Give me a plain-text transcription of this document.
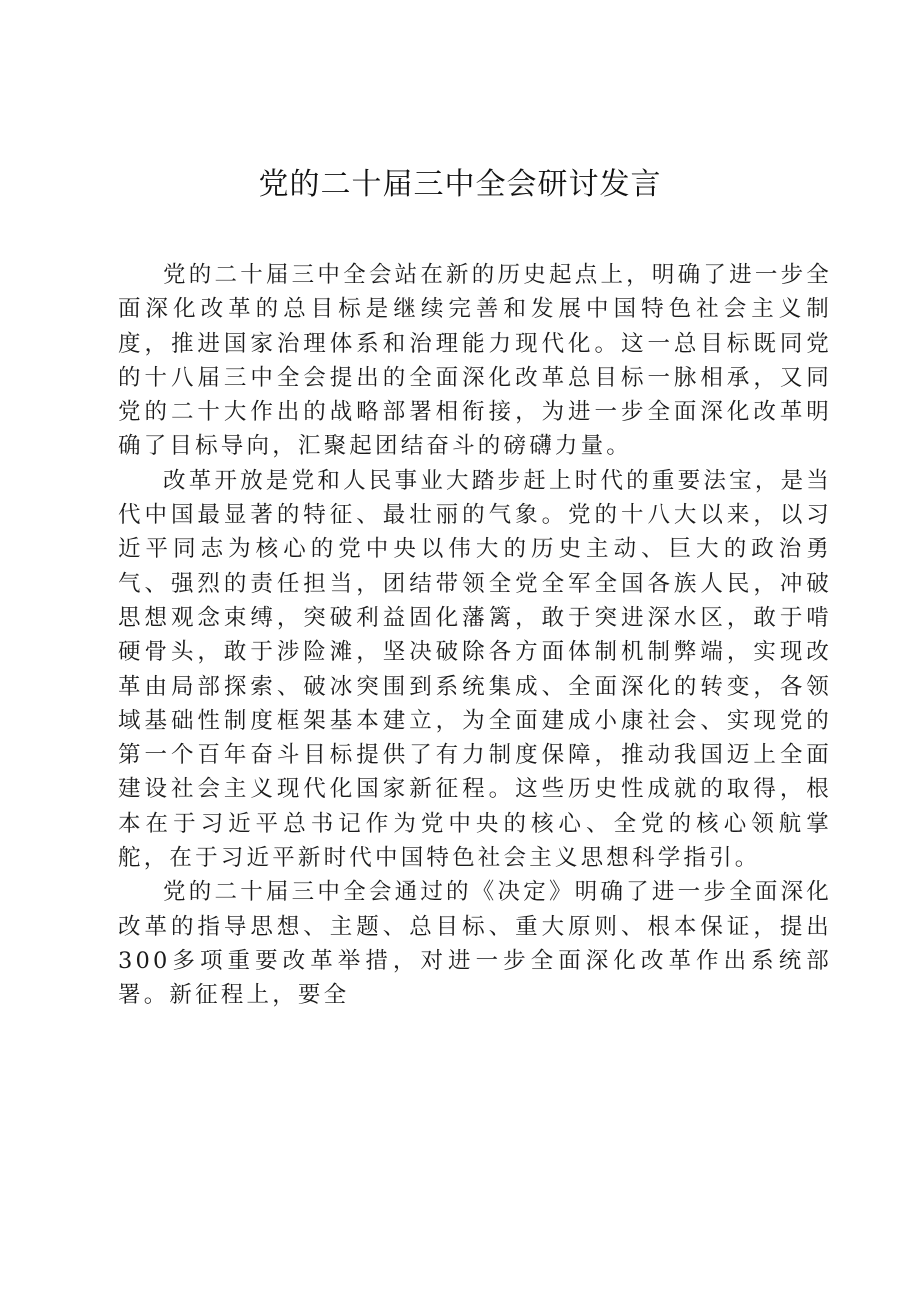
党的二十届三中全会研讨发言

党的二十届三中全会站在新的历史起点上，明确了进一步全面深化改革的总目标是继续完善和发展中国特色社会主义制度，推进国家治理体系和治理能力现代化。这一总目标既同党的十八届三中全会提出的全面深化改革总目标一脉相承，又同党的二十大作出的战略部署相衔接，为进一步全面深化改革明确了目标导向，汇聚起团结奋斗的磅礴力量。

改革开放是党和人民事业大踏步赶上时代的重要法宝，是当代中国最显著的特征、最壮丽的气象。党的十八大以来，以习近平同志为核心的党中央以伟大的历史主动、巨大的政治勇气、强烈的责任担当，团结带领全党全军全国各族人民，冲破思想观念束缚，突破利益固化藩篱，敢于突进深水区，敢于啃硬骨头，敢于涉险滩，坚决破除各方面体制机制弊端，实现改革由局部探索、破冰突围到系统集成、全面深化的转变，各领域基础性制度框架基本建立，为全面建成小康社会、实现党的第一个百年奋斗目标提供了有力制度保障，推动我国迈上全面建设社会主义现代化国家新征程。这些历史性成就的取得，根本在于习近平总书记作为党中央的核心、全党的核心领航掌舵，在于习近平新时代中国特色社会主义思想科学指引。

党的二十届三中全会通过的《决定》明确了进一步全面深化改革的指导思想、主题、总目标、重大原则、根本保证，提出300多项重要改革举措，对进一步全面深化改革作出系统部署。新征程上，要全
